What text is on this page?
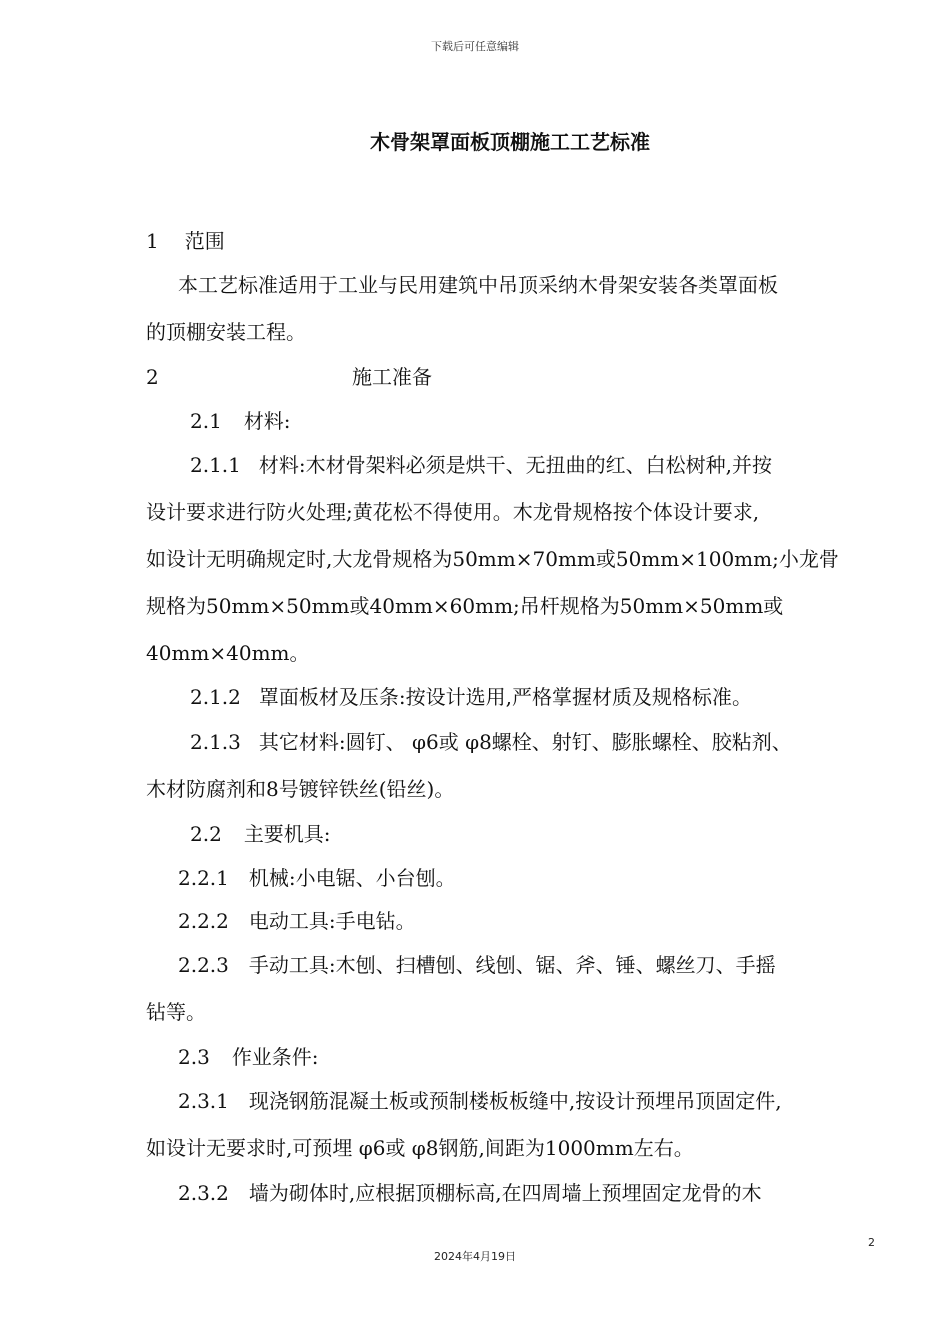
下载后可任意编辑
木骨架罩面板顶棚施工工艺标准
1 范围
本工艺标准适用于工业与民用建筑中吊顶采纳木骨架安装各类罩面板
的顶棚安装工程。
2	施工准备
2.1 材料:
2.1.1 材料:木材骨架料必须是烘干、无扭曲的红、白松树种,并按
设计要求进行防火处理;黄花松不得使用。木龙骨规格按个体设计要求,
如设计无明确规定时,大龙骨规格为50mm×70mm或50mm×100mm;小龙骨
规格为50mm×50mm或40mm×60mm;吊杆规格为50mm×50mm或
40mm×40mm。
2.1.2 罩面板材及压条:按设计选用,严格掌握材质及规格标准。
2.1.3 其它材料:圆钉、 φ6或 φ8螺栓、射钉、膨胀螺栓、胶粘剂、
木材防腐剂和8号镀锌铁丝(铅丝)。
2.2 主要机具:
2.2.1 机械:小电锯、小台刨。
2.2.2 电动工具:手电钻。
2.2.3 手动工具:木刨、扫槽刨、线刨、锯、斧、锤、螺丝刀、手摇
钻等。
2.3 作业条件:
2.3.1 现浇钢筋混凝土板或预制楼板板缝中,按设计预埋吊顶固定件,
如设计无要求时,可预埋 φ6或 φ8钢筋,间距为1000mm左右。
2.3.2 墙为砌体时,应根据顶棚标高,在四周墙上预埋固定龙骨的木
2
2024年4月19日
